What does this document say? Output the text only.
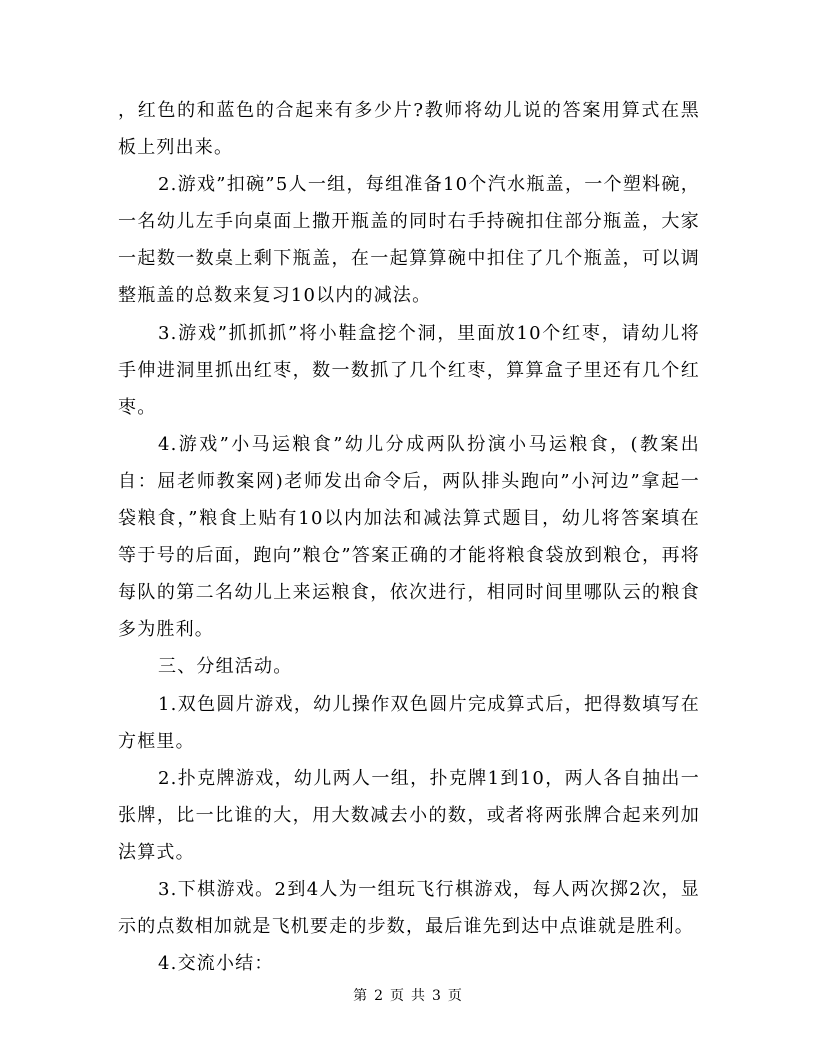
，红色的和蓝色的合起来有多少片?教师将幼儿说的答案用算式在黑板上列出来。

2.游戏”扣碗”5人一组，每组准备10个汽水瓶盖，一个塑料碗，一名幼儿左手向桌面上撒开瓶盖的同时右手持碗扣住部分瓶盖，大家一起数一数桌上剩下瓶盖，在一起算算碗中扣住了几个瓶盖，可以调整瓶盖的总数来复习10以内的减法。

3.游戏”抓抓抓”将小鞋盒挖个洞，里面放10个红枣，请幼儿将手伸进洞里抓出红枣，数一数抓了几个红枣，算算盒子里还有几个红枣。

4.游戏”小马运粮食”幼儿分成两队扮演小马运粮食，(教案出自：屈老师教案网)老师发出命令后，两队排头跑向”小河边”拿起一袋粮食，”粮食上贴有10以内加法和减法算式题目，幼儿将答案填在等于号的后面，跑向”粮仓”答案正确的才能将粮食袋放到粮仓，再将每队的第二名幼儿上来运粮食，依次进行，相同时间里哪队云的粮食多为胜利。

三、分组活动。

1.双色圆片游戏，幼儿操作双色圆片完成算式后，把得数填写在方框里。

2.扑克牌游戏，幼儿两人一组，扑克牌1到10，两人各自抽出一张牌，比一比谁的大，用大数减去小的数，或者将两张牌合起来列加法算式。

3.下棋游戏。2到4人为一组玩飞行棋游戏，每人两次掷2次，显示的点数相加就是飞机要走的步数，最后谁先到达中点谁就是胜利。

4.交流小结：

第 2 页 共 3 页
